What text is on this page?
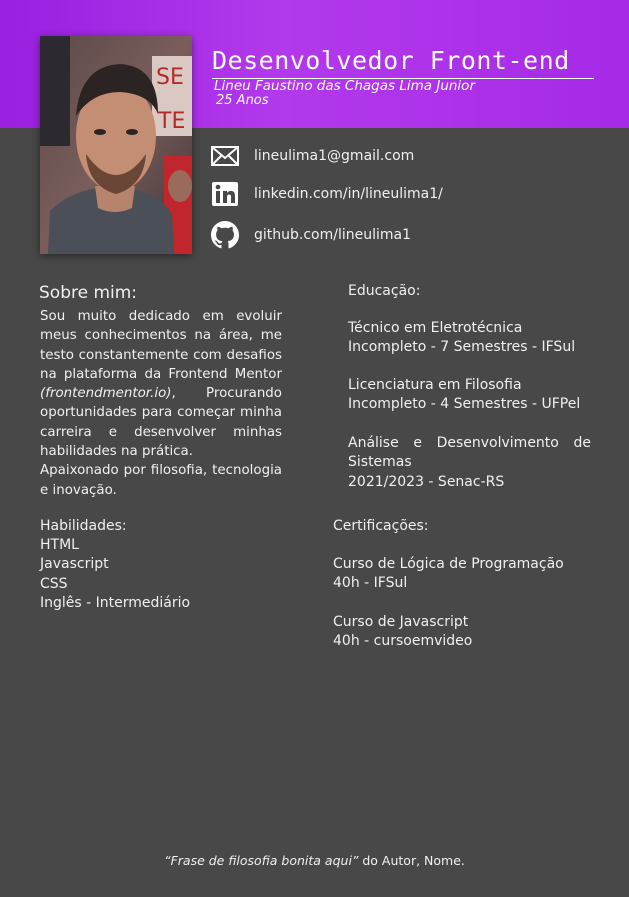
SE
TE
Desenvolvedor Front-end
Lineu Faustino das Chagas Lima Junior
25 Anos
lineulima1@gmail.com
linkedin.com/in/lineulima1/
github.com/lineulima1
Sobre mim:
Sou muito dedicado em evoluir meus conhecimentos na área, me testo constantemente com desafios na plataforma da Frontend Mentor (frontendmentor.io), Procurando oportunidades para começar minha carreira e desenvolver minhas habilidades na prática.
Apaixonado por filosofia, tecnologia e inovação.
Habilidades:
HTML
Javascript
CSS
Inglês - Intermediário
Educação:
Técnico em Eletrotécnica
Incompleto - 7 Semestres - IFSul
Licenciatura em Filosofia
Incompleto - 4 Semestres - UFPel
Análise e Desenvolvimento de
Sistemas
2021/2023 - Senac-RS
Certificações:
Curso de Lógica de Programação
40h - IFSul
Curso de Javascript
40h - cursoemvideo
“Frase de filosofia bonita aqui” do Autor, Nome.
